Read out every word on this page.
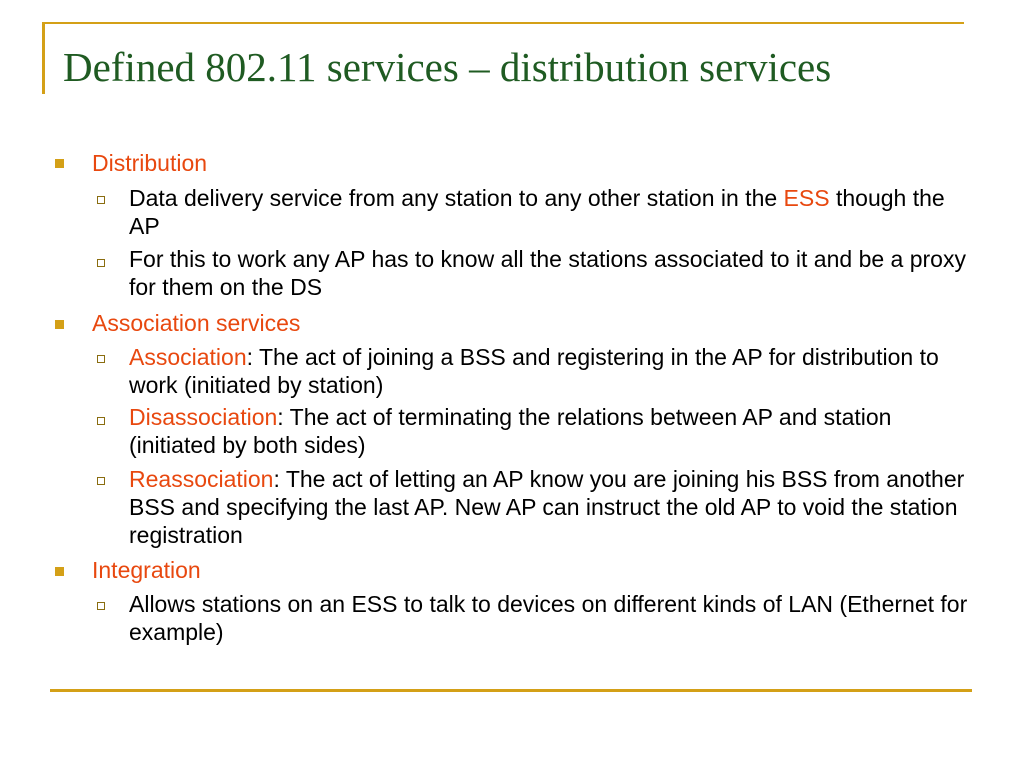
Defined 802.11 services – distribution services
Distribution
Data delivery service from any station to any other station in the ESS though the AP
For this to work any AP has to know all the stations associated to it and be a proxy for them on the DS
Association services
Association: The act of joining a BSS and registering in the AP for distribution to work (initiated by station)
Disassociation: The act of terminating the relations between AP and station (initiated by both sides)
Reassociation: The act of letting an AP know you are joining his BSS from another BSS and specifying the last AP. New AP can instruct the old AP to void the station registration
Integration
Allows stations on an ESS to talk to devices on different kinds of LAN (Ethernet for example)
